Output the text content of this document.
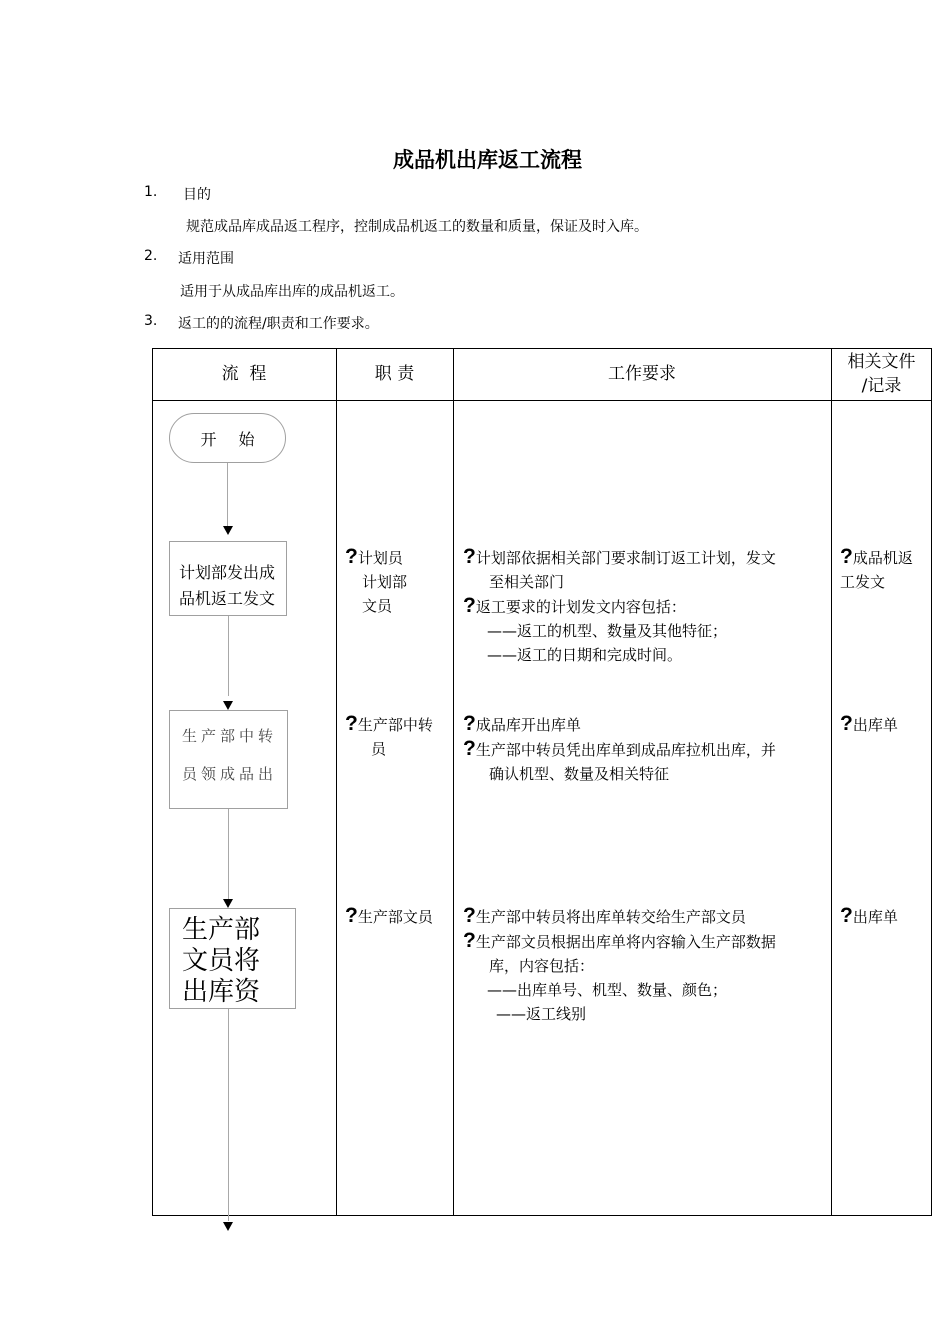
成品机出库返工流程
1. 目的
规范成品库成品返工程序，控制成品机返工的数量和质量，保证及时入库。
2. 适用范围
适用于从成品库出库的成品机返工。
3. 返工的的流程/职责和工作要求。
流  程	职 责	工作要求
相关文件
/记录
开始
计划部发出成
品机返工发文
生产部中转
员领成品出
生产部
文员将
出库资
?计划员
计划部
文员
?计划部依据相关部门要求制订返工计划，发文
至相关部门
?返工要求的计划发文内容包括：
——返工的机型、数量及其他特征；
——返工的日期和完成时间。
?成品机返
工发文
?生产部中转
员
?成品库开出库单
?生产部中转员凭出库单到成品库拉机出库，并
确认机型、数量及相关特征
?出库单
?生产部文员 ?生产部中转员将出库单转交给生产部文员
?生产部文员根据出库单将内容输入生产部数据
库，内容包括：
——出库单号、机型、数量、颜色；
——返工线别
?出库单
